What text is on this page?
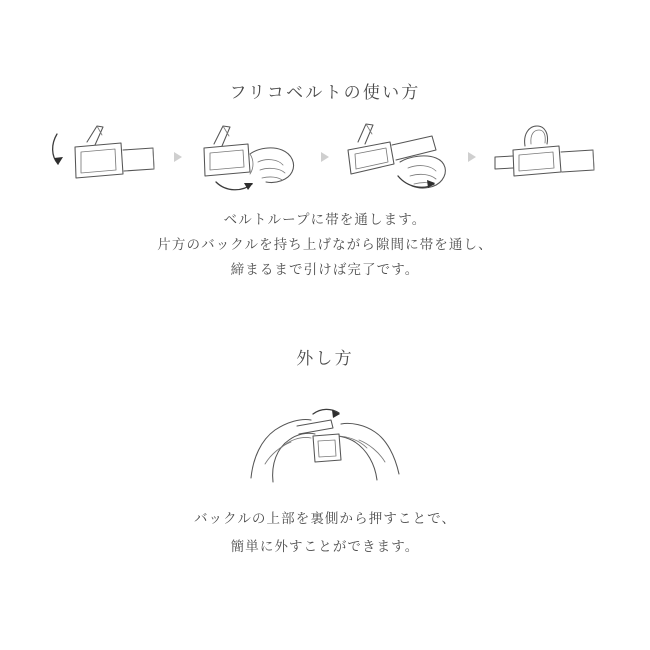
フリコベルトの使い方
ベルトループに帯を通します。
片方のバックルを持ち上げながら隙間に帯を通し、
締まるまで引けば完了です。
外し方
バックルの上部を裏側から押すことで、
簡単に外すことができます。
